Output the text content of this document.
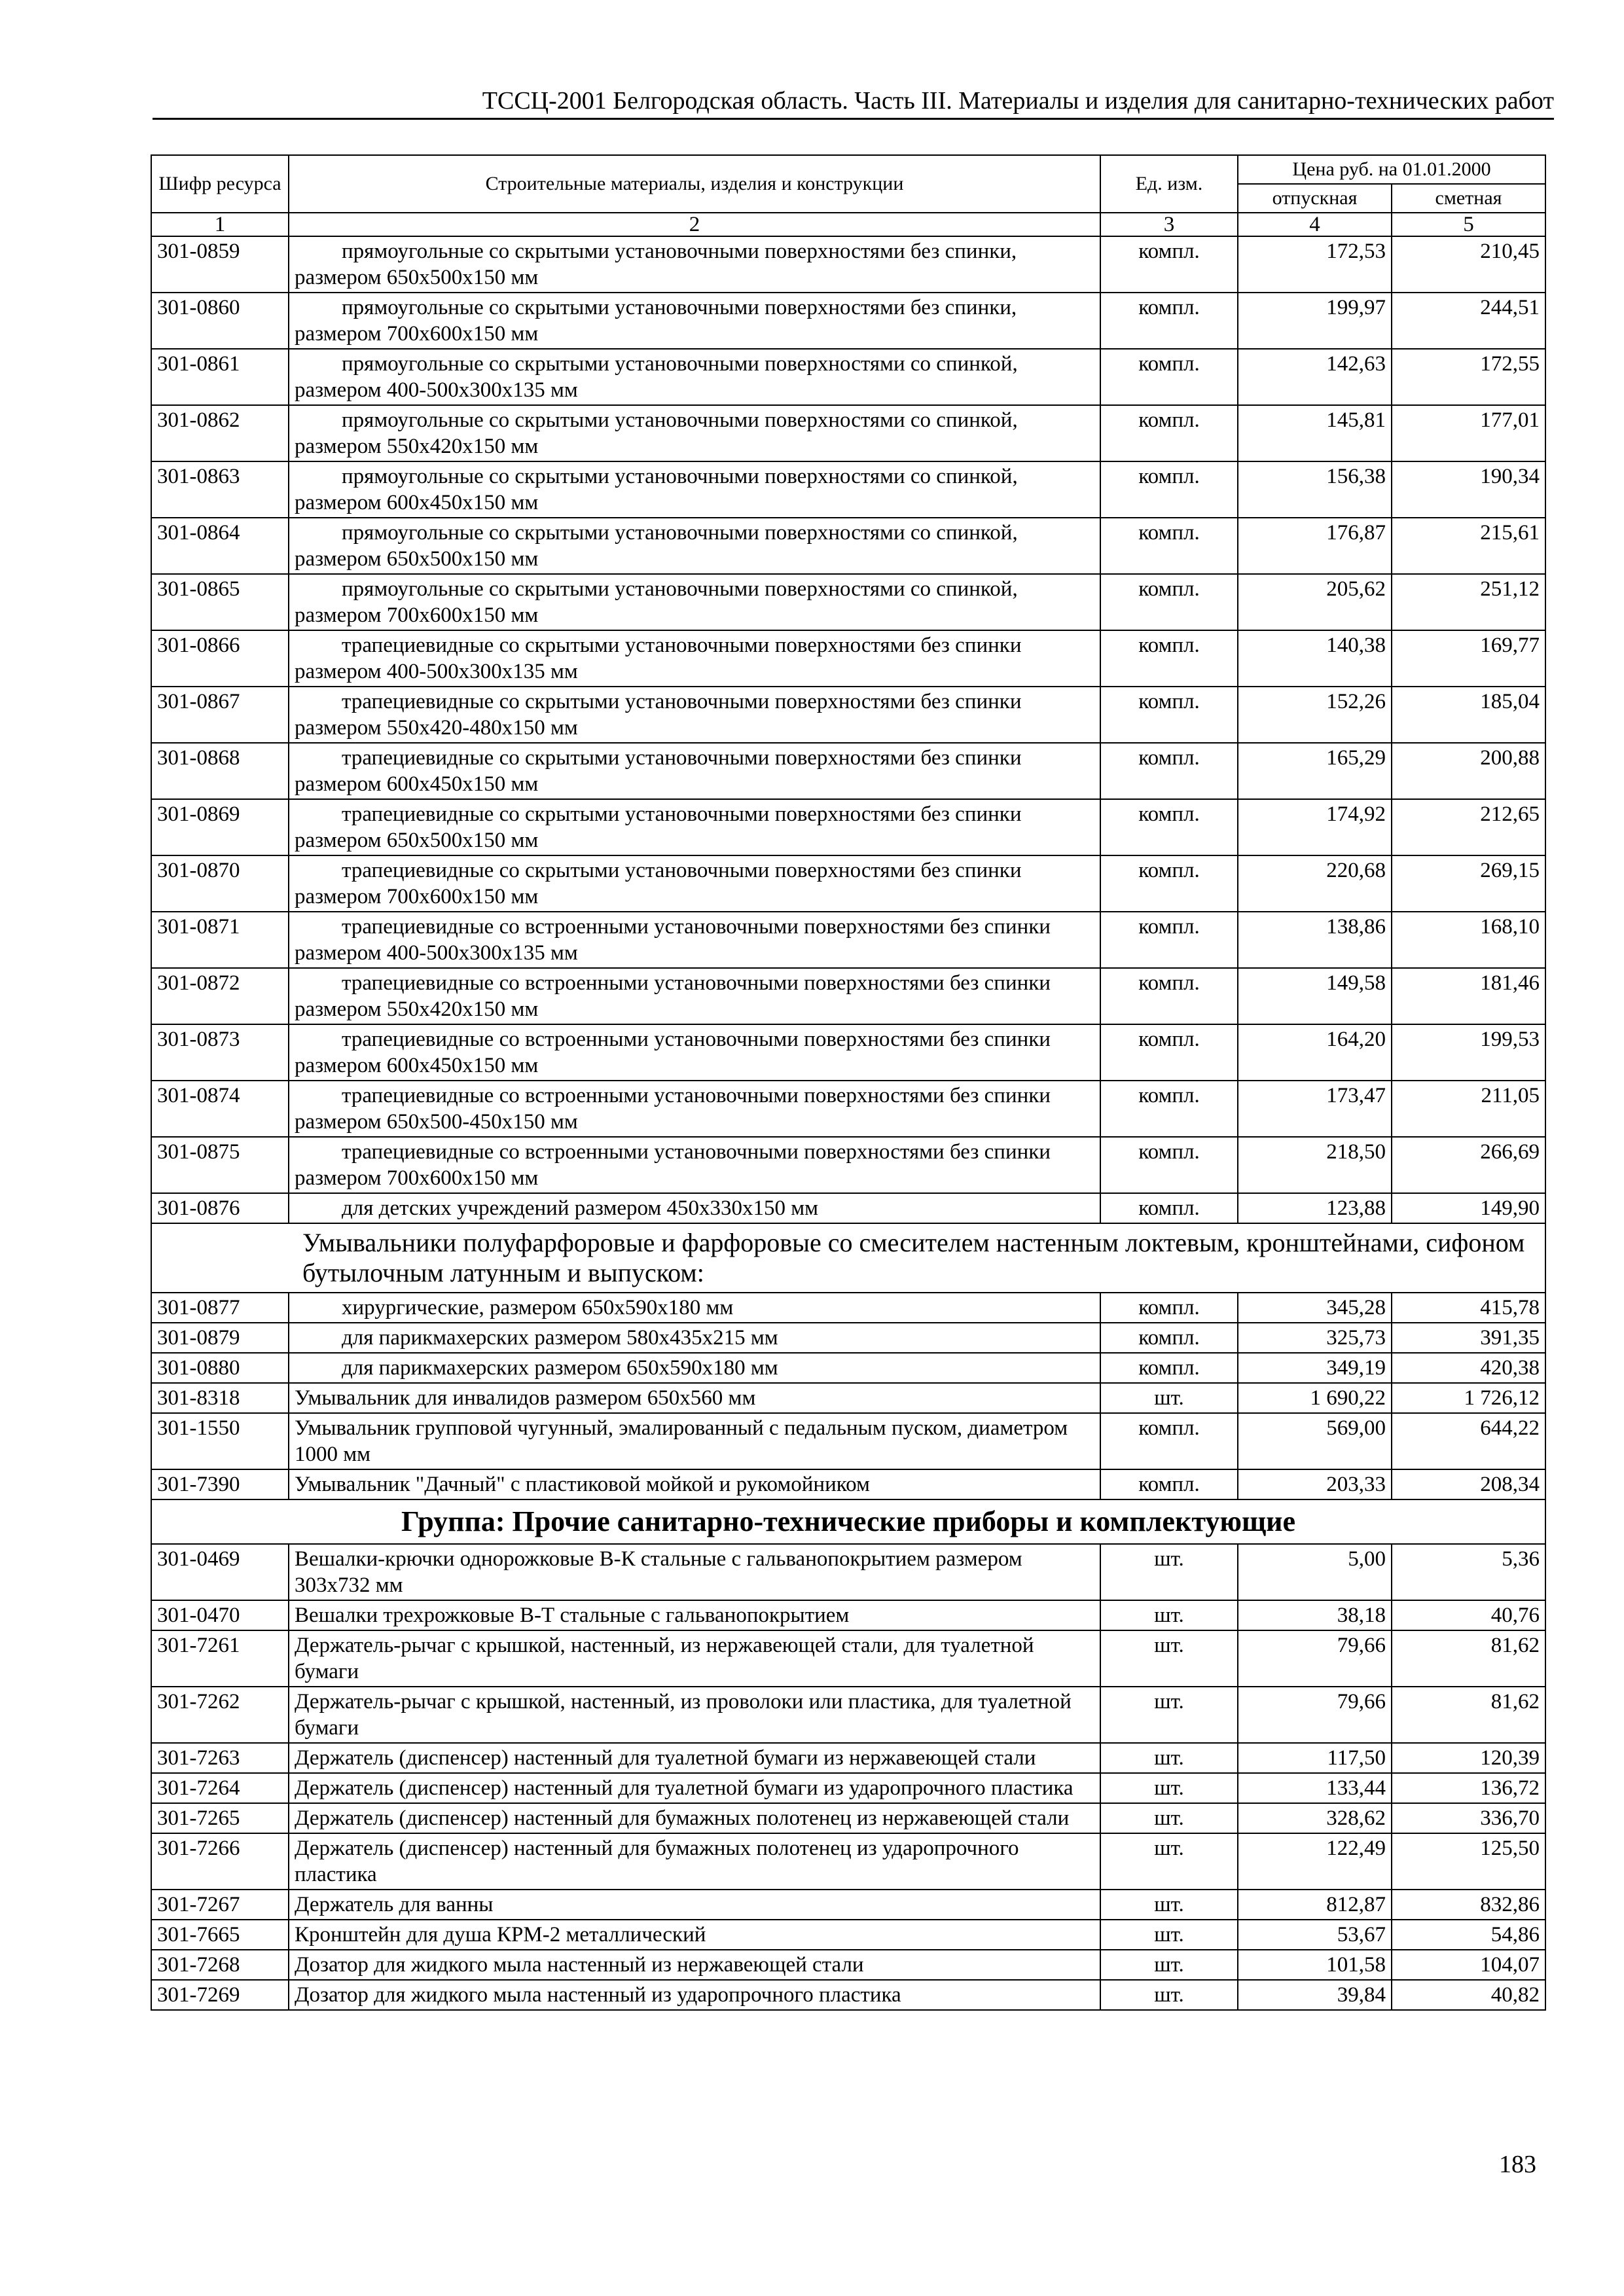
ТССЦ-2001 Белгородская область. Часть III. Материалы и изделия для санитарно-технических работ
Шифр ресурса	Строительные материалы, изделия и конструкции	Ед. изм.	Цена руб. на 01.01.2000	
			отпускная	сметная
1	2	3	4	5
301-0859	прямоугольные со скрытыми установочными поверхностями без спинки, размером 650х500х150 мм	компл.	172,53	210,45
301-0860	прямоугольные со скрытыми установочными поверхностями без спинки, размером 700х600х150 мм	компл.	199,97	244,51
301-0861	прямоугольные со скрытыми установочными поверхностями со спинкой, размером 400-500х300х135 мм	компл.	142,63	172,55
301-0862	прямоугольные со скрытыми установочными поверхностями со спинкой, размером 550х420х150 мм	компл.	145,81	177,01
301-0863	прямоугольные со скрытыми установочными поверхностями со спинкой, размером 600х450х150 мм	компл.	156,38	190,34
301-0864	прямоугольные со скрытыми установочными поверхностями со спинкой, размером 650х500х150 мм	компл.	176,87	215,61
301-0865	прямоугольные со скрытыми установочными поверхностями со спинкой, размером 700х600х150 мм	компл.	205,62	251,12
301-0866	трапециевидные со скрытыми установочными поверхностями без спинки размером 400-500х300х135 мм	компл.	140,38	169,77
301-0867	трапециевидные со скрытыми установочными поверхностями без спинки размером 550х420-480х150 мм	компл.	152,26	185,04
301-0868	трапециевидные со скрытыми установочными поверхностями без спинки размером 600х450х150 мм	компл.	165,29	200,88
301-0869	трапециевидные со скрытыми установочными поверхностями без спинки размером 650х500х150 мм	компл.	174,92	212,65
301-0870	трапециевидные со скрытыми установочными поверхностями без спинки размером 700х600х150 мм	компл.	220,68	269,15
301-0871	трапециевидные со встроенными установочными поверхностями без спинки размером 400-500х300х135 мм	компл.	138,86	168,10
301-0872	трапециевидные со встроенными установочными поверхностями без спинки размером 550х420х150 мм	компл.	149,58	181,46
301-0873	трапециевидные со встроенными установочными поверхностями без спинки размером 600х450х150 мм	компл.	164,20	199,53
301-0874	трапециевидные со встроенными установочными поверхностями без спинки размером 650х500-450х150 мм	компл.	173,47	211,05
301-0875	трапециевидные со встроенными установочными поверхностями без спинки размером 700х600х150 мм	компл.	218,50	266,69
301-0876	для детских учреждений размером 450х330х150 мм	компл.	123,88	149,90
Умывальники полуфарфоровые и фарфоровые со смесителем настенным локтевым, кронштейнами, сифоном бутылочным латунным и выпуском:				
301-0877	хирургические, размером 650х590х180 мм	компл.	345,28	415,78
301-0879	для парикмахерских размером 580х435х215 мм	компл.	325,73	391,35
301-0880	для парикмахерских размером 650х590х180 мм	компл.	349,19	420,38
301-8318	Умывальник для инвалидов размером 650х560 мм	шт.	1 690,22	1 726,12
301-1550	Умывальник групповой чугунный, эмалированный с педальным пуском, диаметром 1000 мм	компл.	569,00	644,22
301-7390	Умывальник "Дачный" с пластиковой мойкой и рукомойником	компл.	203,33	208,34
Группа: Прочие санитарно-технические приборы и комплектующие				
301-0469	Вешалки-крючки однорожковые В-К стальные с гальванопокрытием размером 303х732 мм	шт.	5,00	5,36
301-0470	Вешалки трехрожковые В-Т стальные с гальванопокрытием	шт.	38,18	40,76
301-7261	Держатель-рычаг с крышкой, настенный, из нержавеющей стали, для туалетной бумаги	шт.	79,66	81,62
301-7262	Держатель-рычаг с крышкой, настенный, из проволоки или пластика, для туалетной бумаги	шт.	79,66	81,62
301-7263	Держатель (диспенсер) настенный для туалетной бумаги из нержавеющей стали	шт.	117,50	120,39
301-7264	Держатель (диспенсер) настенный для туалетной бумаги из ударопрочного пластика	шт.	133,44	136,72
301-7265	Держатель (диспенсер) настенный для бумажных полотенец из нержавеющей стали	шт.	328,62	336,70
301-7266	Держатель (диспенсер) настенный для бумажных полотенец из ударопрочного пластика	шт.	122,49	125,50
301-7267	Держатель для ванны	шт.	812,87	832,86
301-7665	Кронштейн для душа КРМ-2 металлический	шт.	53,67	54,86
301-7268	Дозатор для жидкого мыла настенный из нержавеющей стали	шт.	101,58	104,07
301-7269	Дозатор для жидкого мыла настенный из ударопрочного пластика	шт.	39,84	40,82
183
